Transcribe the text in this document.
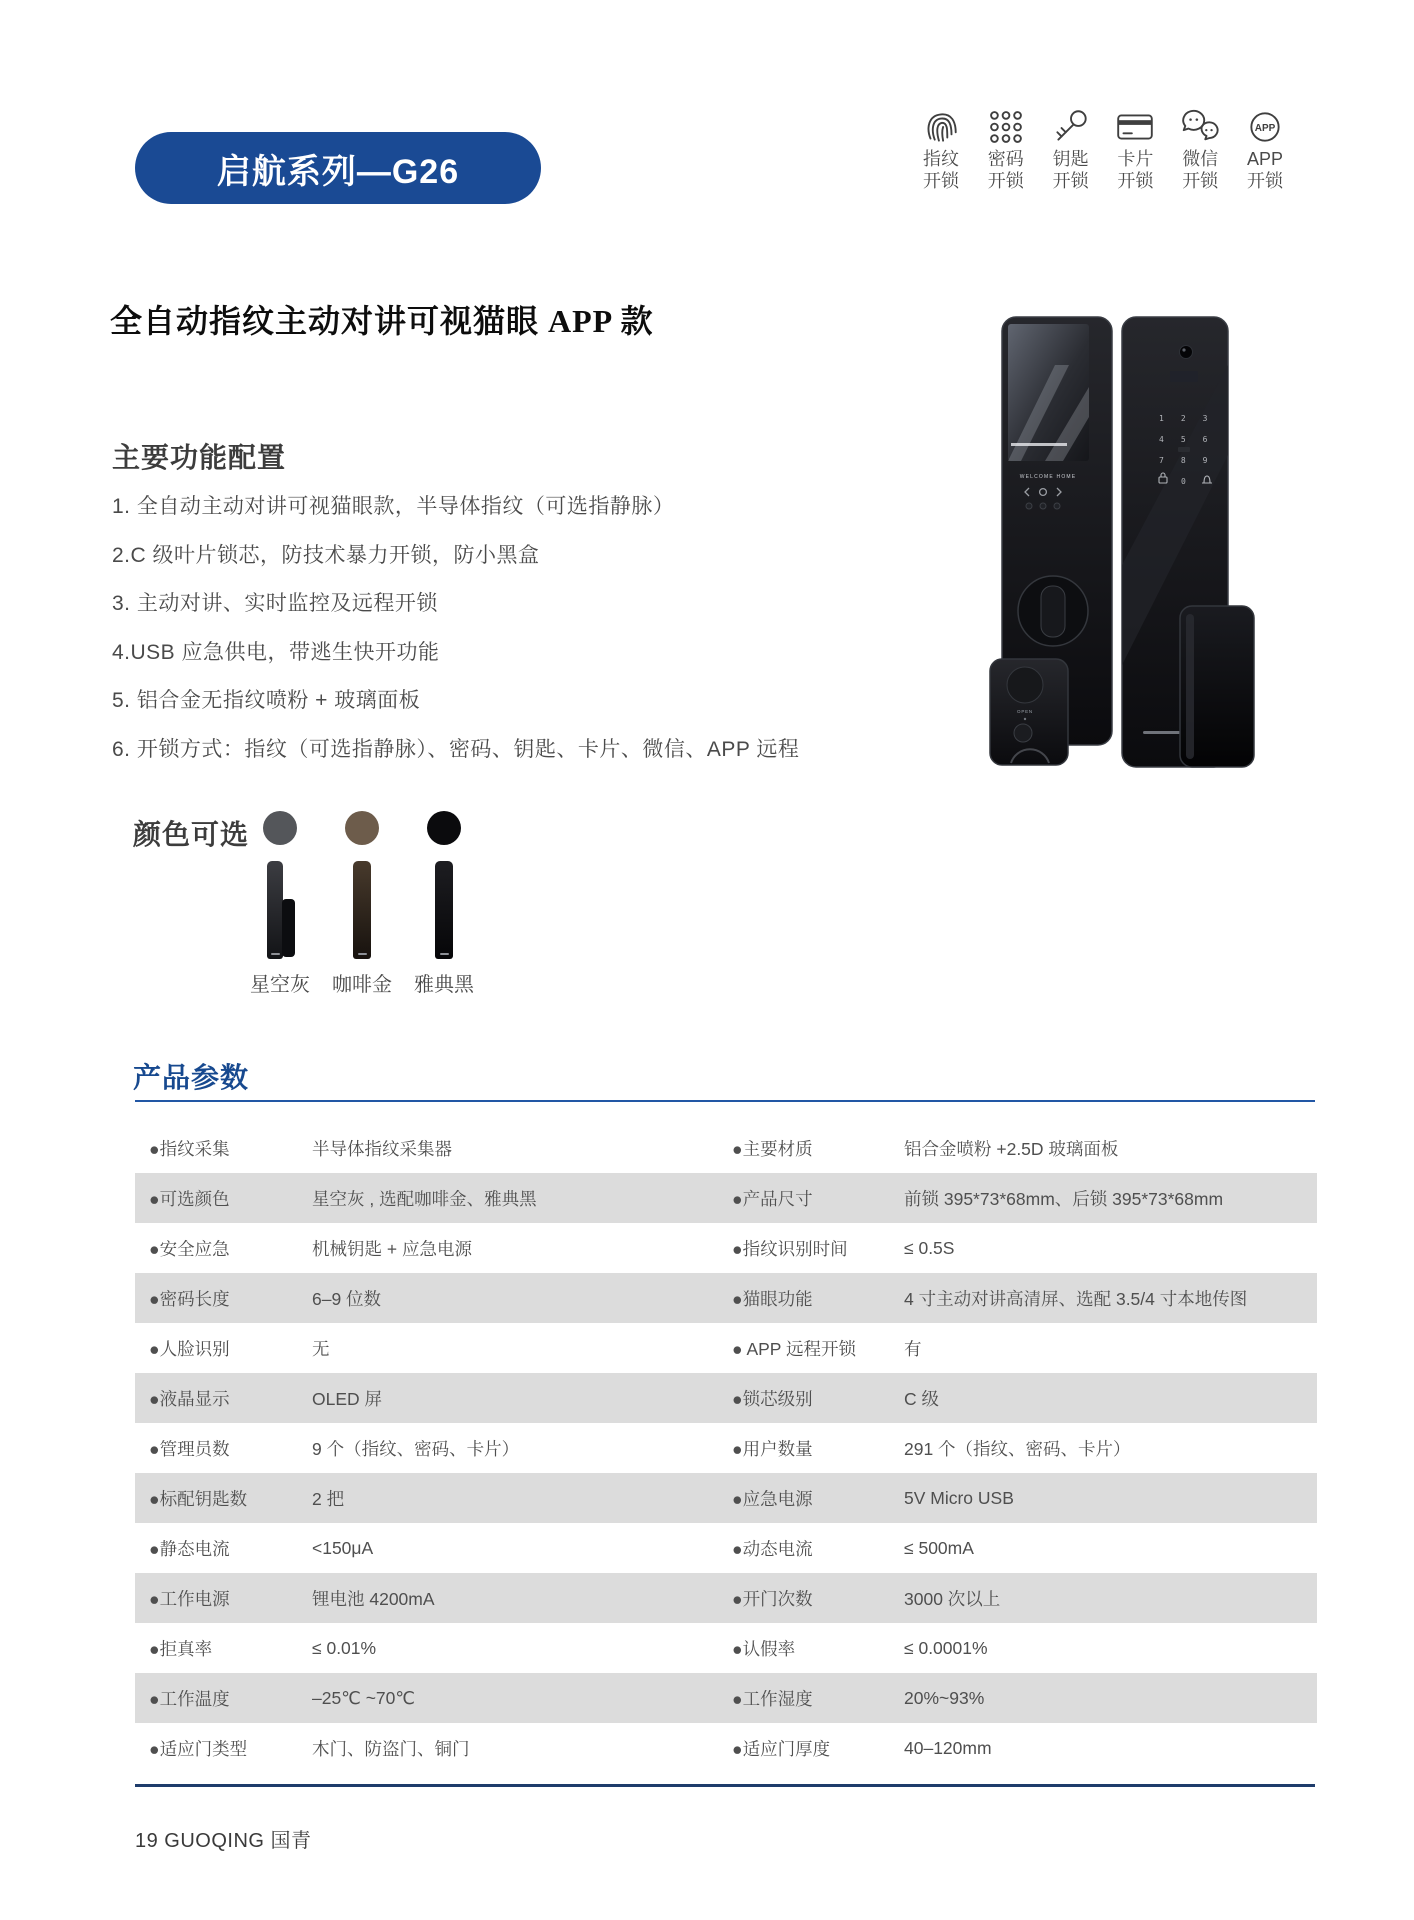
启航系列—G26	指纹
开锁
密码
开锁
钥匙
开锁
卡片
开锁
微信
开锁
APP
APP
开锁
全自动指纹主动对讲可视猫眼 APP 款
主要功能配置
1. 全自动主动对讲可视猫眼款，半导体指纹（可选指静脉）
2.C 级叶片锁芯，防技术暴力开锁，防小黑盒
3. 主动对讲、实时监控及远程开锁
4.USB 应急供电，带逃生快开功能
5. 铝合金无指纹喷粉 + 玻璃面板
6. 开锁方式：指纹（可选指静脉）、密码、钥匙、卡片、微信、APP 远程
颜色可选
星空灰	咖啡金	雅典黑
WELCOME HOME
OPEN
123
456
789
0
产品参数
●指纹采集	半导体指纹采集器	●主要材质	铝合金喷粉 +2.5D 玻璃面板
●可选颜色	星空灰 , 选配咖啡金、雅典黑	●产品尺寸	前锁 395*73*68mm、后锁 395*73*68mm
●安全应急	机械钥匙 + 应急电源	●指纹识别时间	≤ 0.5S
●密码长度	6–9 位数	●猫眼功能	4 寸主动对讲高清屏、选配 3.5/4 寸本地传图
●人脸识别	无	● APP 远程开锁	有
●液晶显示	OLED 屏	●锁芯级别	C 级
●管理员数	9 个（指纹、密码、卡片）	●用户数量	291 个（指纹、密码、卡片）
●标配钥匙数	2 把	●应急电源	5V Micro USB
●静态电流	<150μA	●动态电流	≤ 500mA
●工作电源	锂电池 4200mA	●开门次数	3000 次以上
●拒真率	≤ 0.01%	●认假率	≤ 0.0001%
●工作温度	–25℃ ~70℃	●工作湿度	20%~93%
●适应门类型	木门、防盗门、铜门	●适应门厚度	40–120mm
19 GUOQING 国青
